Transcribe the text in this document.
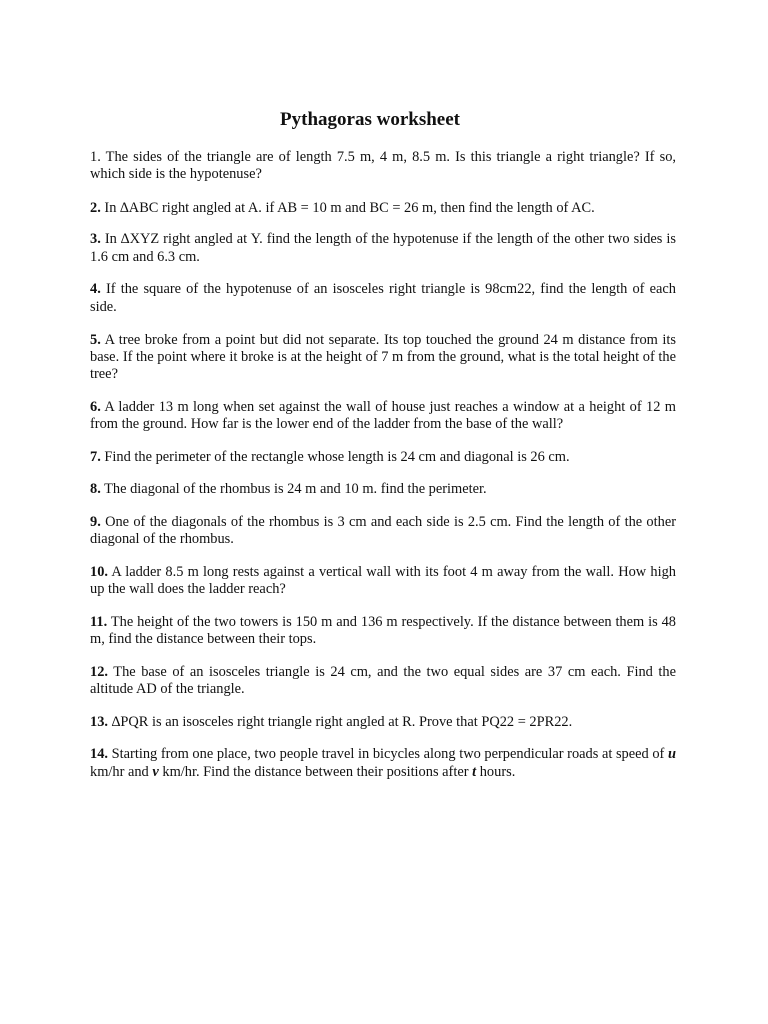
Pythagoras worksheet
1. The sides of the triangle are of length 7.5 m, 4 m, 8.5 m. Is this triangle a right triangle? If so, which side is the hypotenuse?
2. In ∆ABC right angled at A. if AB = 10 m and BC = 26 m, then find the length of AC.
3. In ∆XYZ right angled at Y. find the length of the hypotenuse if the length of the other two sides is 1.6 cm and 6.3 cm.
4. If the square of the hypotenuse of an isosceles right triangle is 98cm22, find the length of each side.
5. A tree broke from a point but did not separate. Its top touched the ground 24 m distance from its base. If the point where it broke is at the height of 7 m from the ground, what is the total height of the tree?
6. A ladder 13 m long when set against the wall of house just reaches a window at a height of 12 m from the ground. How far is the lower end of the ladder from the base of the wall?
7. Find the perimeter of the rectangle whose length is 24 cm and diagonal is 26 cm.
8. The diagonal of the rhombus is 24 m and 10 m. find the perimeter.
9. One of the diagonals of the rhombus is 3 cm and each side is 2.5 cm. Find the length of the other diagonal of the rhombus.
10. A ladder 8.5 m long rests against a vertical wall with its foot 4 m away from the wall. How high up the wall does the ladder reach?
11. The height of the two towers is 150 m and 136 m respectively. If the distance between them is 48 m, find the distance between their tops.
12. The base of an isosceles triangle is 24 cm, and the two equal sides are 37 cm each. Find the altitude AD of the triangle.
13. ∆PQR is an isosceles right triangle right angled at R. Prove that PQ22 = 2PR22.
14. Starting from one place, two people travel in bicycles along two perpendicular roads at speed of u km/hr and v km/hr. Find the distance between their positions after t hours.
